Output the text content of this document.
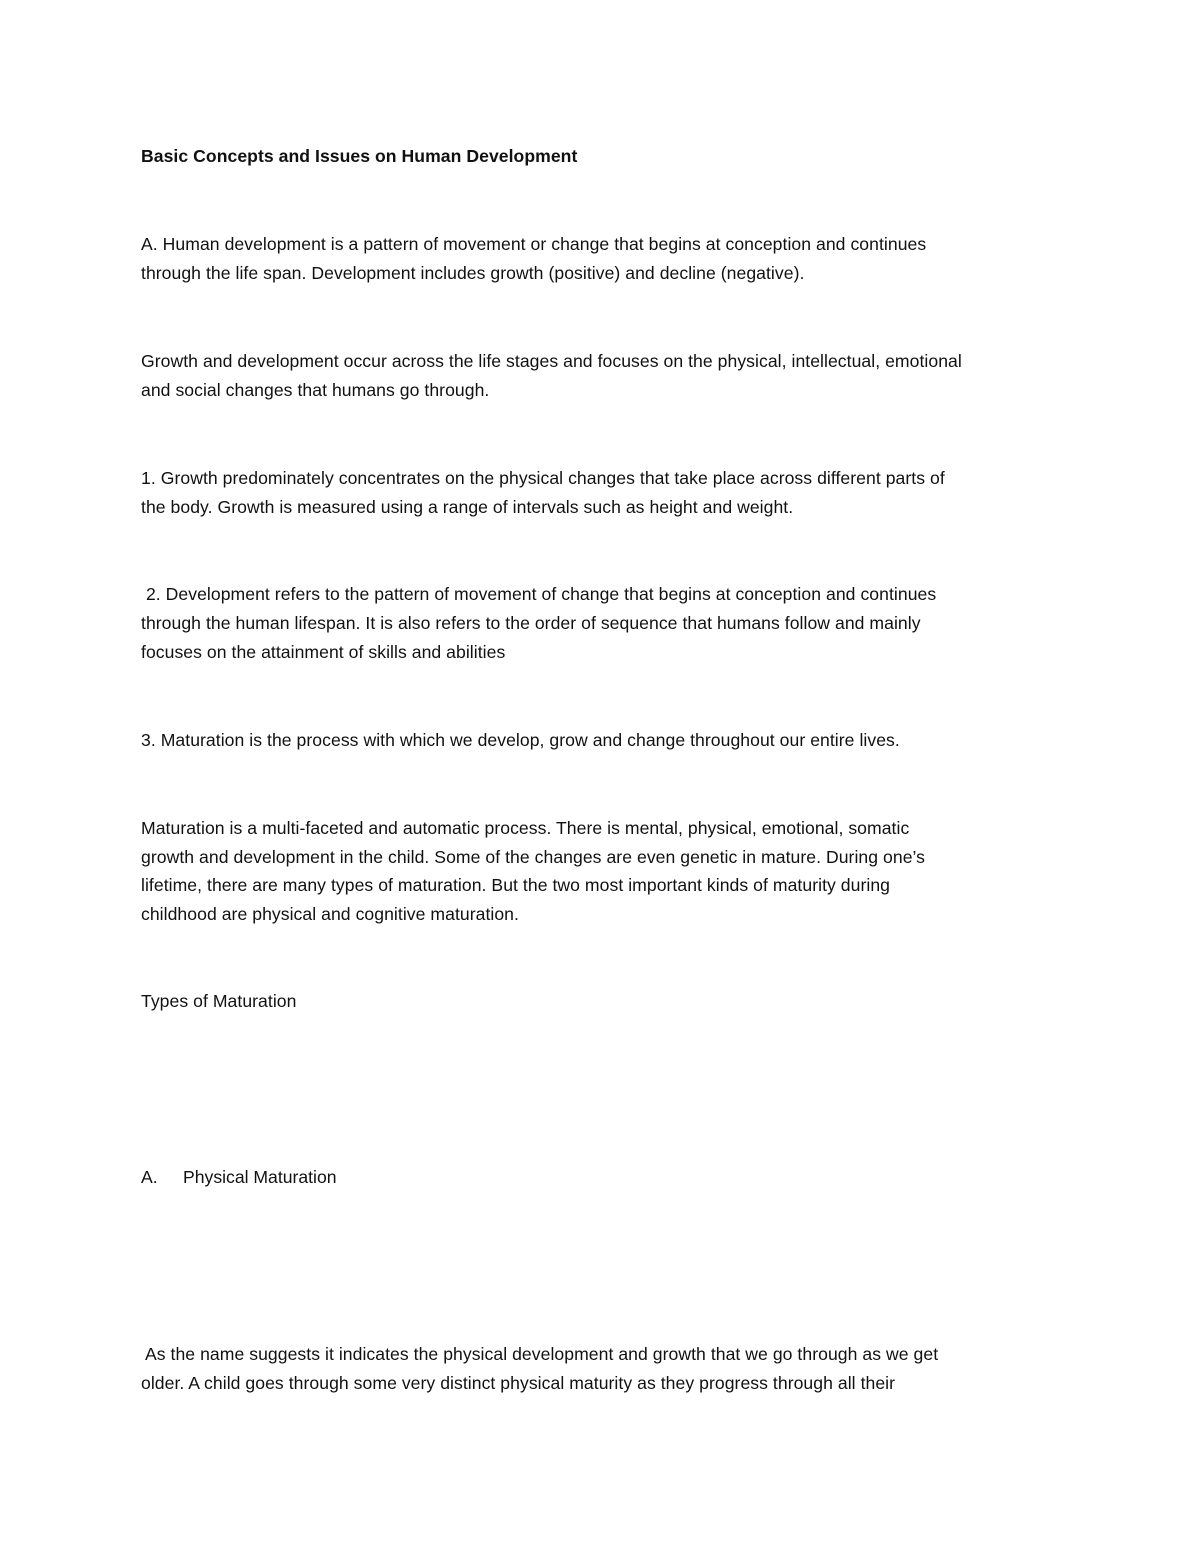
Basic Concepts and Issues on Human Development
A. Human development is a pattern of movement or change that begins at conception and continues
through the life span. Development includes growth (positive) and decline (negative).
Growth and development occur across the life stages and focuses on the physical, intellectual, emotional
and social changes that humans go through.
1. Growth predominately concentrates on the physical changes that take place across different parts of
the body. Growth is measured using a range of intervals such as height and weight.
2. Development refers to the pattern of movement of change that begins at conception and continues
through the human lifespan. It is also refers to the order of sequence that humans follow and mainly
focuses on the attainment of skills and abilities
3. Maturation is the process with which we develop, grow and change throughout our entire lives.
Maturation is a multi-faceted and automatic process. There is mental, physical, emotional, somatic
growth and development in the child. Some of the changes are even genetic in mature. During one’s
lifetime, there are many types of maturation. But the two most important kinds of maturity during
childhood are physical and cognitive maturation.
Types of Maturation
A. Physical Maturation
As the name suggests it indicates the physical development and growth that we go through as we get
older. A child goes through some very distinct physical maturity as they progress through all their
